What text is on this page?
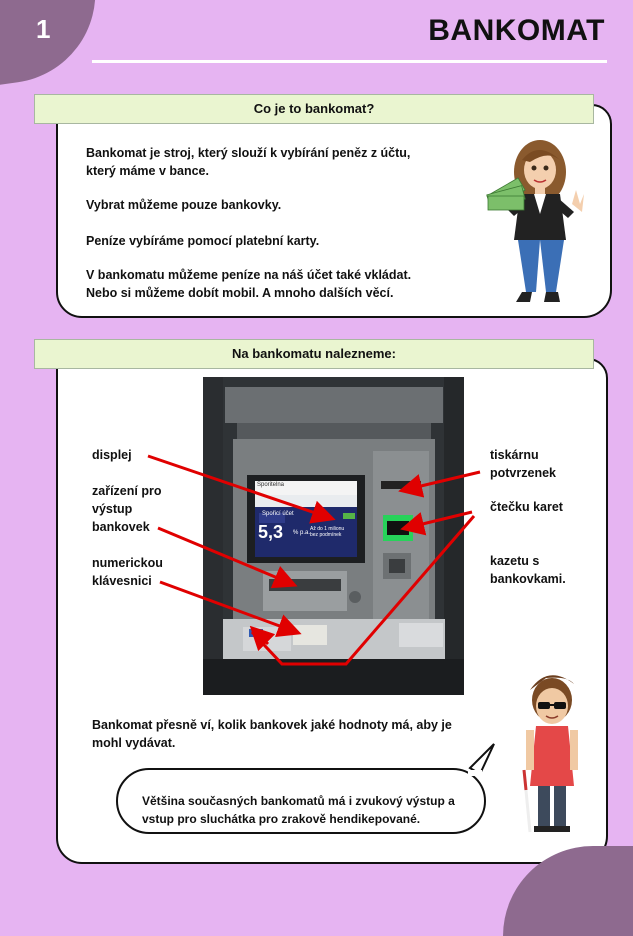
1	BANKOMAT
Co je to bankomat?

Bankomat je stroj, který slouží k vybírání peněz z účtu, který máme v bance.

Vybrat můžeme pouze bankovky.

Peníze vybíráme pomocí platební karty.

V bankomatu můžeme peníze na náš účet také vkládat.

Nebo si můžeme dobít mobil. A mnoho dalších věcí.

Na bankomatu nalezneme:
Sporitelna
Spořicí účet
5,3 % p.a.
Až do 1 milionu bez podmínek
displej
zařízení pro výstup bankovek
numerickou klávesnici
tiskárnu potvrzenek
čtečku karet
kazetu s bankovkami.

Bankomat přesně ví, kolik bankovek jaké hodnoty má, aby je mohl vydávat.

Většina současných bankomatů má i zvukový výstup a vstup pro sluchátka pro zrakově hendikepované.
